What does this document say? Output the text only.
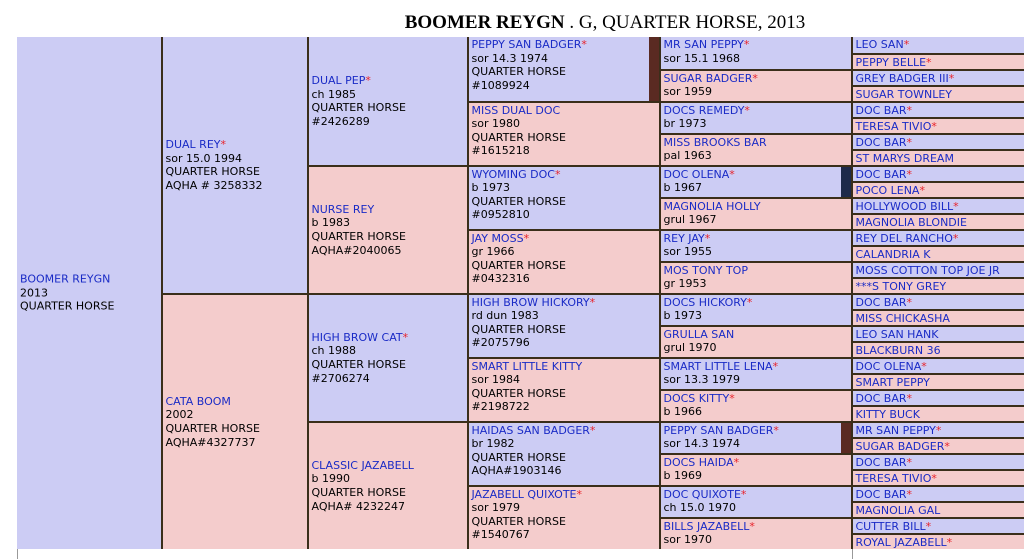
BOOMER REYGN . G, QUARTER HORSE, 2013
BOOMER REYGN
2013
QUARTER HORSE
DUAL REY*
sor 15.0 1994
QUARTER HORSE
AQHA # 3258332
CATA BOOM
2002
QUARTER HORSE
AQHA#4327737
DUAL PEP*
ch 1985
QUARTER HORSE
#2426289
NURSE REY
b 1983
QUARTER HORSE
AQHA#2040065
HIGH BROW CAT*
ch 1988
QUARTER HORSE
#2706274
CLASSIC JAZABELL
b 1990
QUARTER HORSE
AQHA# 4232247
PEPPY SAN BADGER*
sor 14.3 1974
QUARTER HORSE
#1089924
MISS DUAL DOC
sor 1980
QUARTER HORSE
#1615218
WYOMING DOC*
b 1973
QUARTER HORSE
#0952810
JAY MOSS*
gr 1966
QUARTER HORSE
#0432316
HIGH BROW HICKORY*
rd dun 1983
QUARTER HORSE
#2075796
SMART LITTLE KITTY
sor 1984
QUARTER HORSE
#2198722
HAIDAS SAN BADGER*
br 1982
QUARTER HORSE
AQHA#1903146
JAZABELL QUIXOTE*
sor 1979
QUARTER HORSE
#1540767
MR SAN PEPPY*
sor 15.1 1968
SUGAR BADGER*
sor 1959
DOCS REMEDY*
br 1973
MISS BROOKS BAR
pal 1963
DOC OLENA*
b 1967
MAGNOLIA HOLLY
grul 1967
REY JAY*
sor 1955
MOS TONY TOP
gr 1953
DOCS HICKORY*
b 1973
GRULLA SAN
grul 1970
SMART LITTLE LENA*
sor 13.3 1979
DOCS KITTY*
b 1966
PEPPY SAN BADGER*
sor 14.3 1974
DOCS HAIDA*
b 1969
DOC QUIXOTE*
ch 15.0 1970
BILLS JAZABELL*
sor 1970
LEO SAN*
PEPPY BELLE*
GREY BADGER III*
SUGAR TOWNLEY
DOC BAR*
TERESA TIVIO*
DOC BAR*
ST MARYS DREAM
DOC BAR*
POCO LENA*
HOLLYWOOD BILL*
MAGNOLIA BLONDIE
REY DEL RANCHO*
CALANDRIA K
MOSS COTTON TOP JOE JR
***S TONY GREY
DOC BAR*
MISS CHICKASHA
LEO SAN HANK
BLACKBURN 36
DOC OLENA*
SMART PEPPY
DOC BAR*
KITTY BUCK
MR SAN PEPPY*
SUGAR BADGER*
DOC BAR*
TERESA TIVIO*
DOC BAR*
MAGNOLIA GAL
CUTTER BILL*
ROYAL JAZABELL*
